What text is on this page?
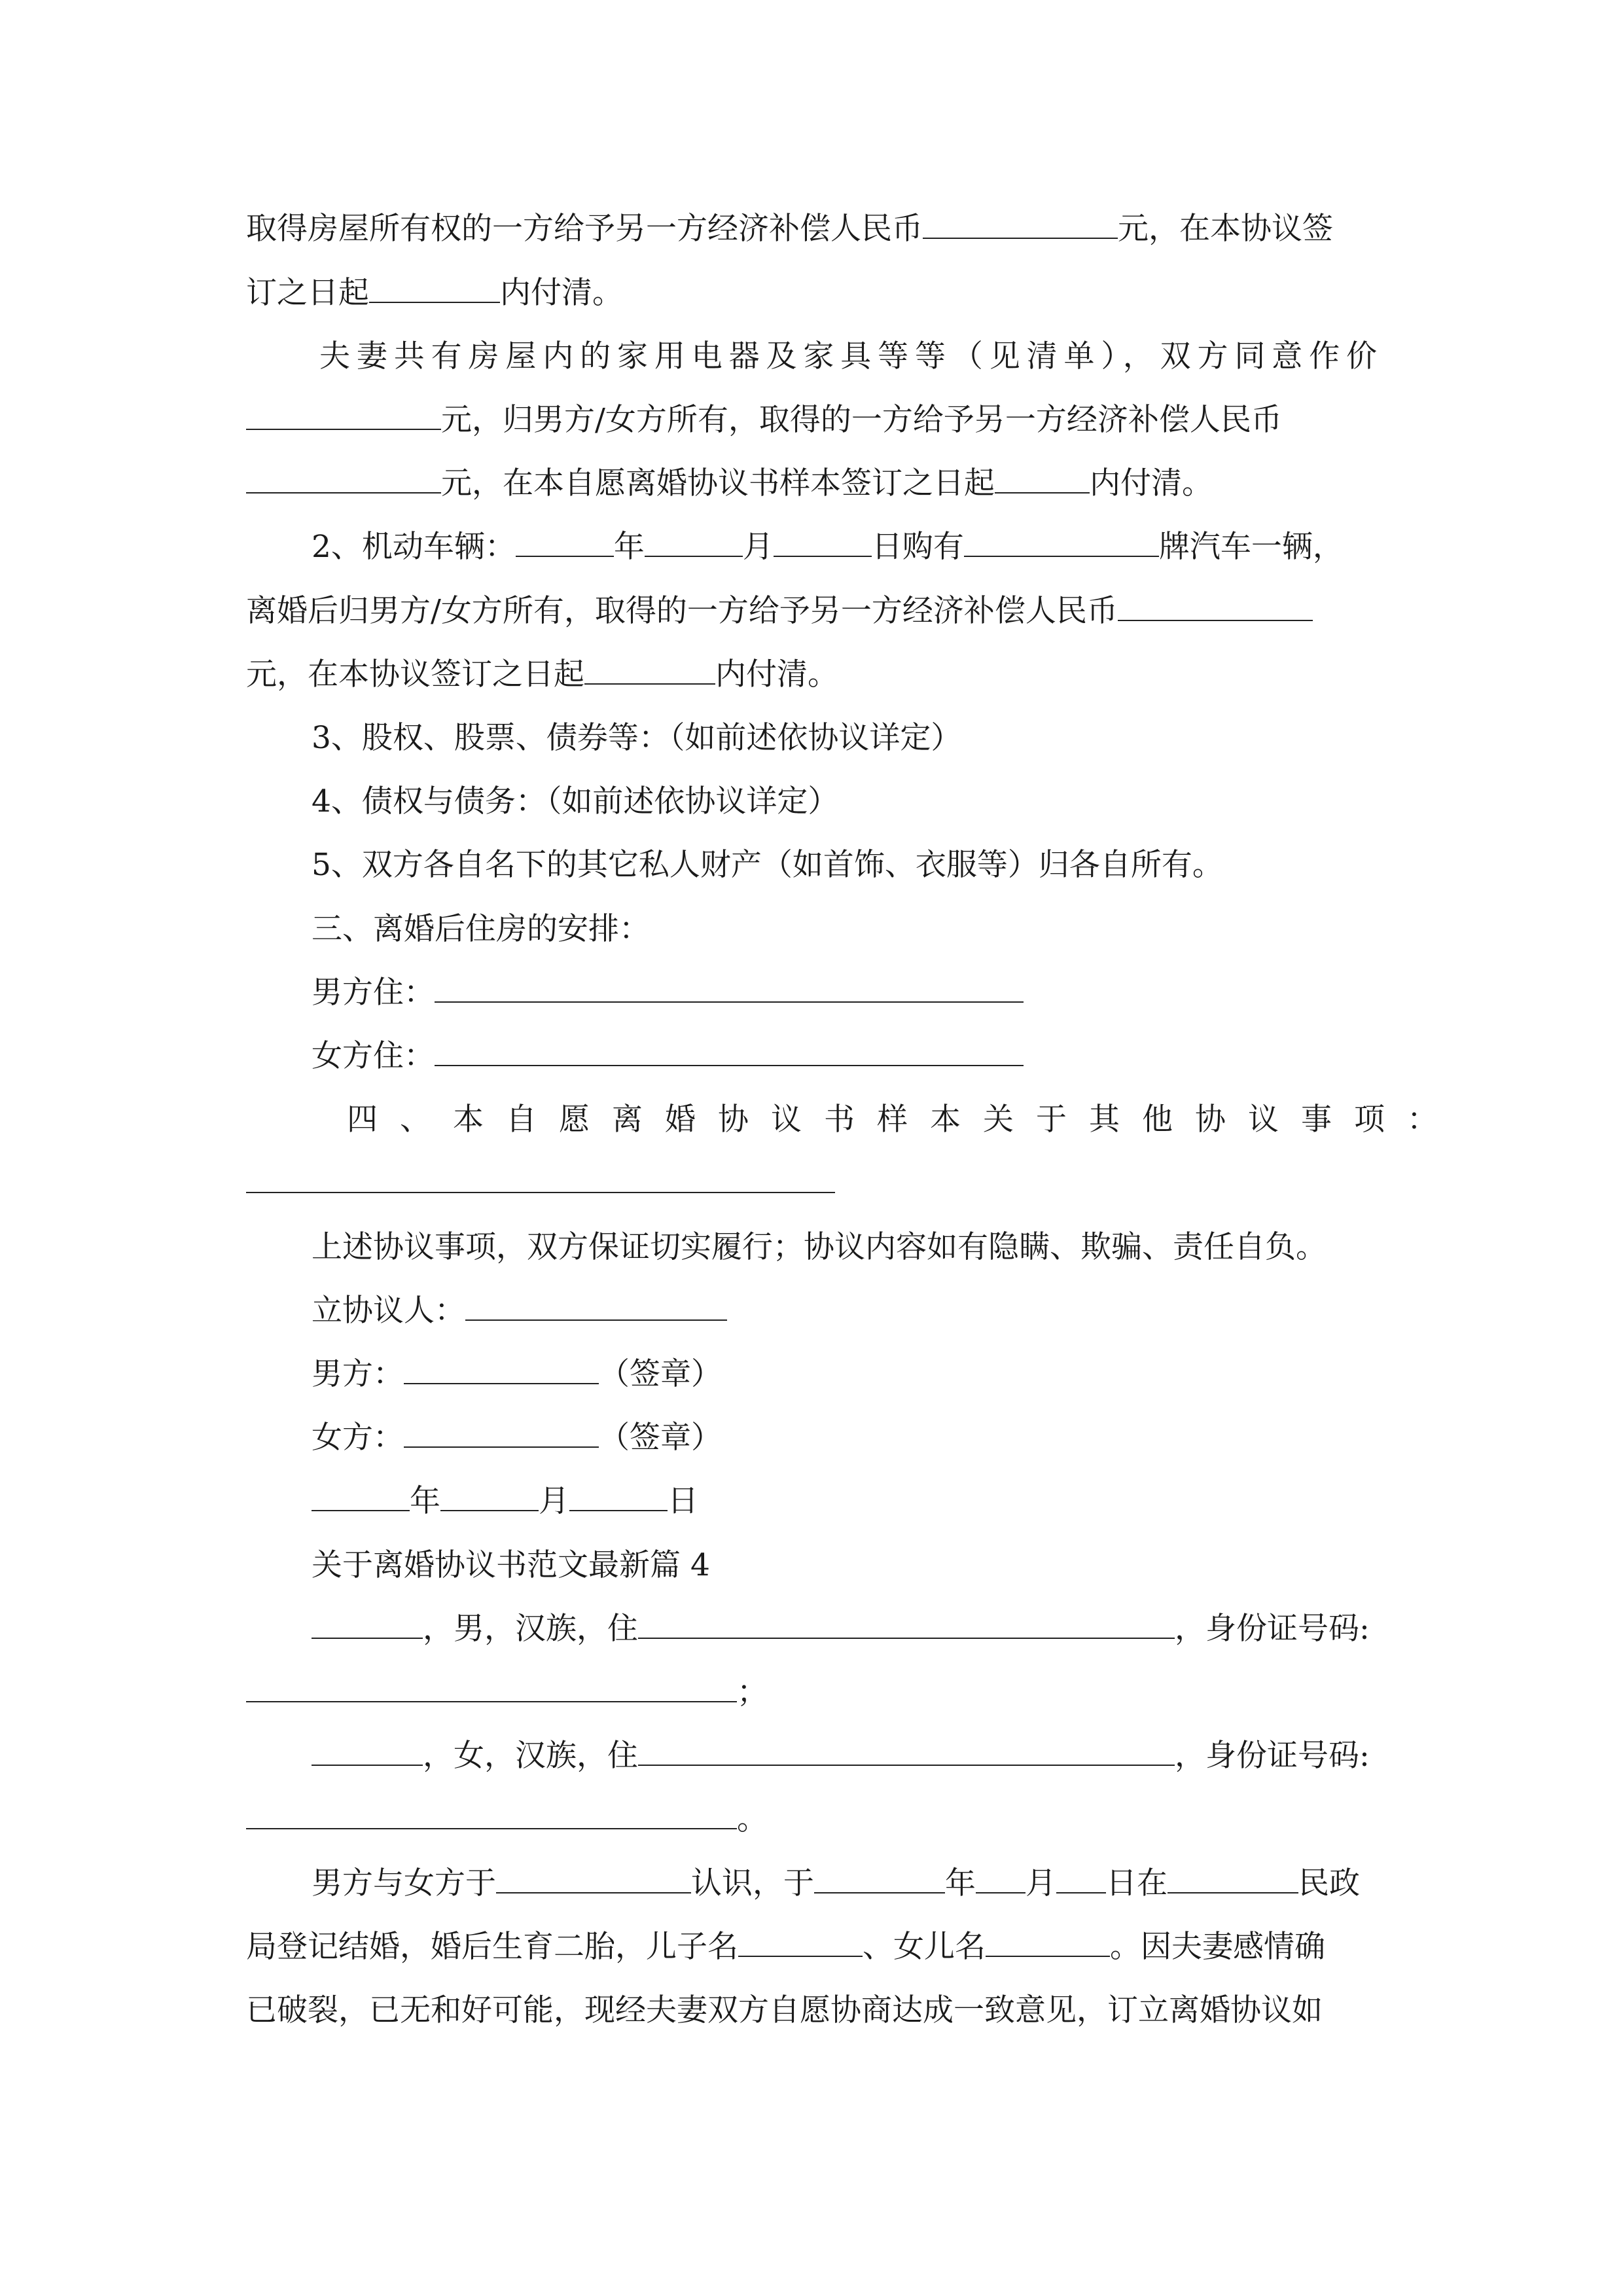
取得房屋所有权的一方给予另一方经济补偿人民币	元，在本协议签
订之日起	内付清。
夫妻共有房屋内的家用电器及家具等等（见清单），双方同意作价
元，归男方/女方所有，取得的一方给予另一方经济补偿人民币
元，在本自愿离婚协议书样本签订之日起	内付清。
2、机动车辆：	年	月	日购有	牌汽车一辆，
离婚后归男方/女方所有，取得的一方给予另一方经济补偿人民币
元，在本协议签订之日起	内付清。
3、股权、股票、债券等：（如前述依协议详定）
4、债权与债务：（如前述依协议详定）
5、双方各自名下的其它私人财产（如首饰、衣服等）归各自所有。
三、离婚后住房的安排：
男方住：
女方住：
四、本自愿离婚协议书样本关于其他协议事项：
上述协议事项，双方保证切实履行；协议内容如有隐瞒、欺骗、责任自负。
立协议人：
男方：	（签章）
女方：	（签章）
年	月	日
关于离婚协议书范文最新篇 4
，男，汉族，住	，身份证号码:
；
，女，汉族，住	，身份证号码:
。
男方与女方于	认识，于	年 月 日在	民政
局登记结婚，婚后生育二胎，儿子名	、女儿名	。因夫妻感情确
已破裂，已无和好可能，现经夫妻双方自愿协商达成一致意见，订立离婚协议如
